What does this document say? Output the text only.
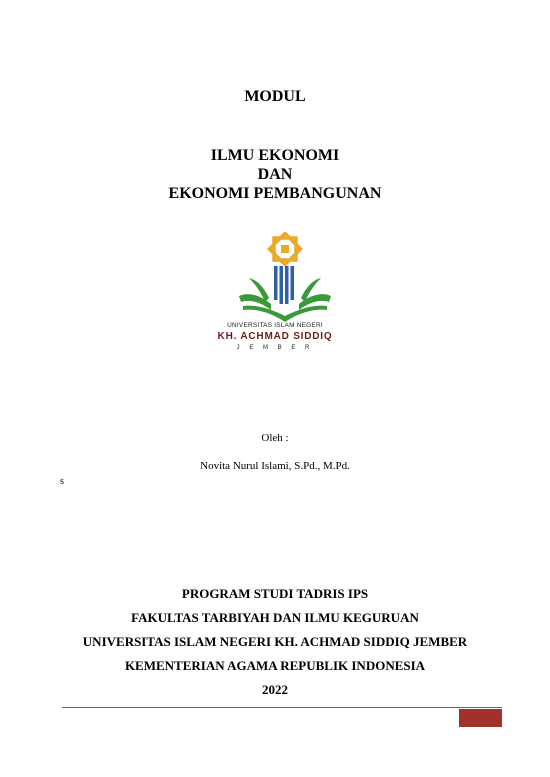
MODUL
ILMU EKONOMI
DAN
EKONOMI PEMBANGUNAN
UNIVERSITAS ISLAM NEGERI
KH. ACHMAD SIDDIQ
J E M B E R
Oleh :
Novita Nurul Islami, S.Pd., M.Pd.
s
PROGRAM STUDI TADRIS IPS
FAKULTAS TARBIYAH DAN ILMU KEGURUAN
UNIVERSITAS ISLAM NEGERI KH. ACHMAD SIDDIQ JEMBER
KEMENTERIAN AGAMA REPUBLIK INDONESIA
2022
